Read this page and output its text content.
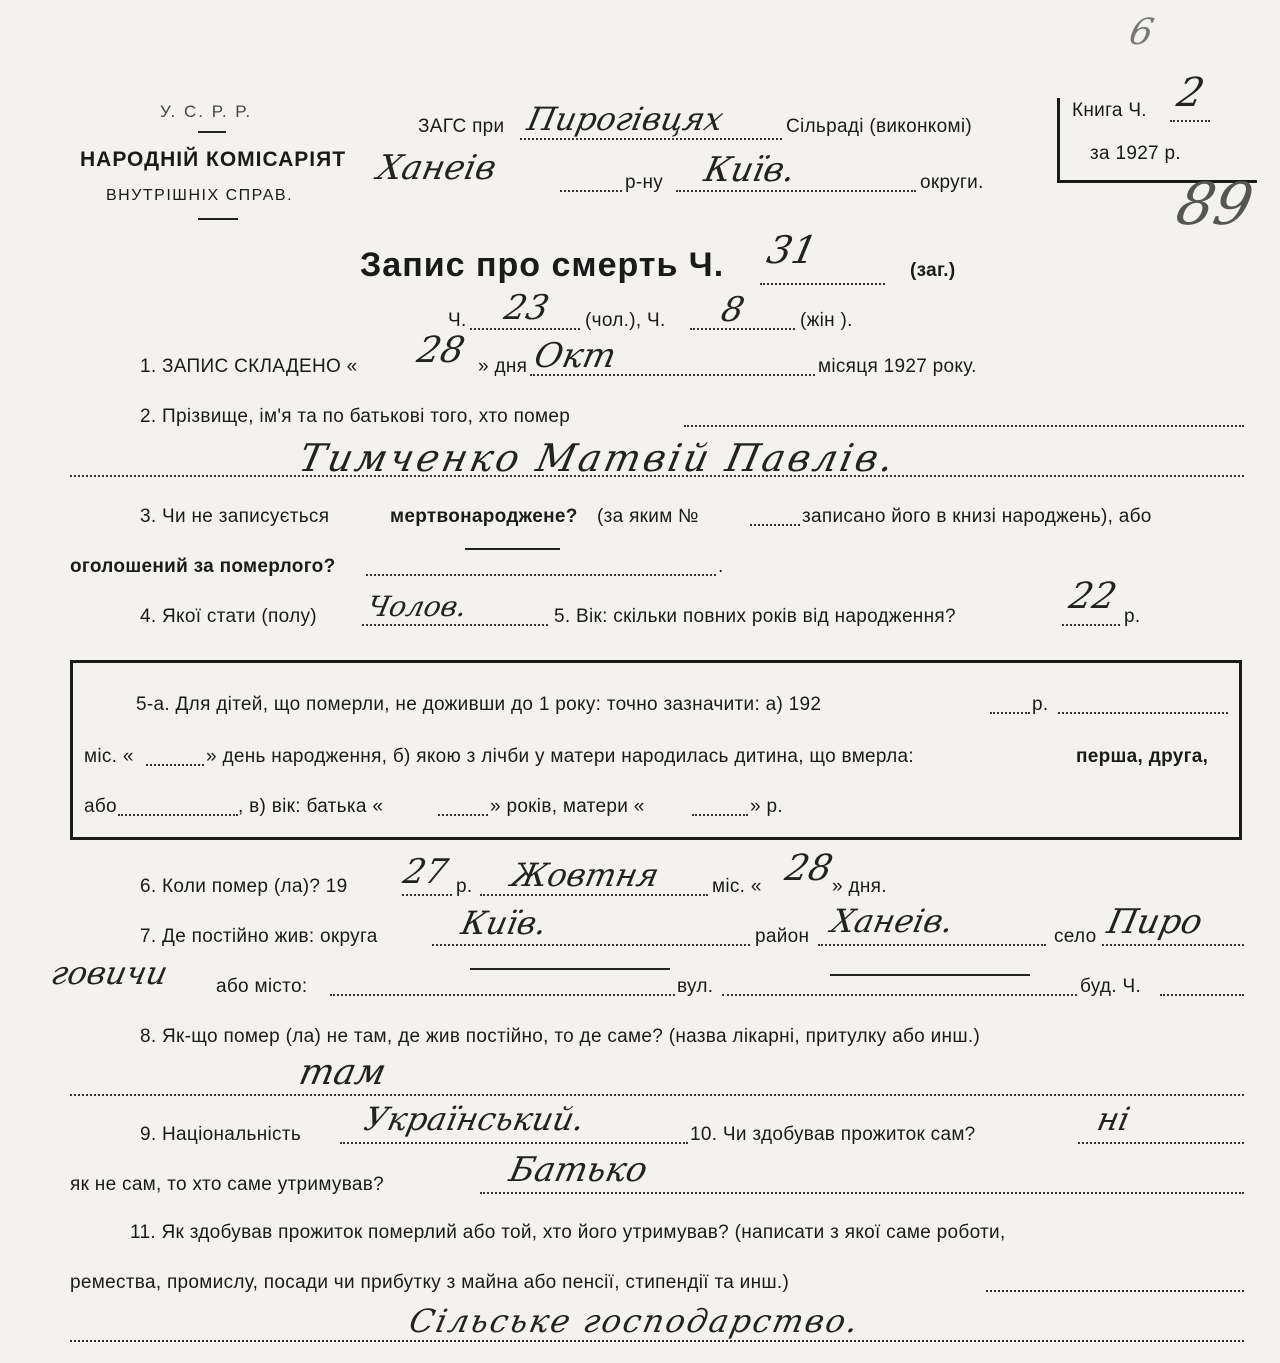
У. С. Р. Р.
НАРОДНІЙ КОМІСАРІЯТ
ВНУТРІШНІХ СПРАВ.
ЗАГС при Пирогівцях	Сільраді (виконкомі)
Ханеів	р-ну Київ.	округи.
Книга Ч. 2
за 1927 р.
6
89
Запис про смерть Ч. 31	(заг.)
Ч. 23 (чол.), Ч. 8	(жін ).
1. ЗАПИС СКЛАДЕНО « 28 » дня Окт	місяця 1927 року.
2. Прізвище, ім'я та по батькові того, хто помер
Тимченко Матвій Павлів.
3. Чи не записується	мертвонароджене? (за яким №	записано його в книзі народжень), або
оголошений за померлого?	.
4. Якої стати (полу) Чолов.	5. Вік: скільки повних років від народження?	22 р.
5-а. Для дітей, що померли, не доживши до 1 року: точно зазначити: а) 192	р.
міс. «	» день народження, б) якою з лічби у матери народилась дитина, що вмерла:	перша, друга,
або	, в) вік: батька «	» років, матери «	» р.
6. Коли помер (ла)? 19 27 р. Жовтня	міс. « 28
» дня.
7. Де постійно жив: округа	Київ.	район Ханеів.	село Пиро
говичи або місто:	вул.	буд. Ч.
8. Як-що помер (ла) не там, де жив постійно, то де саме? (назва лікарні, притулку або инш.)
там
9. Національність Український.	10. Чи здобував прожиток сам?	ні
як не сам, то хто саме утримував?	Батько
11. Як здобував прожиток померлий або той, хто його утримував? (написати з якої саме роботи,
ремества, промислу, посади чи прибутку з майна або пенсії, стипендії та инш.)
Сільське господарство.
